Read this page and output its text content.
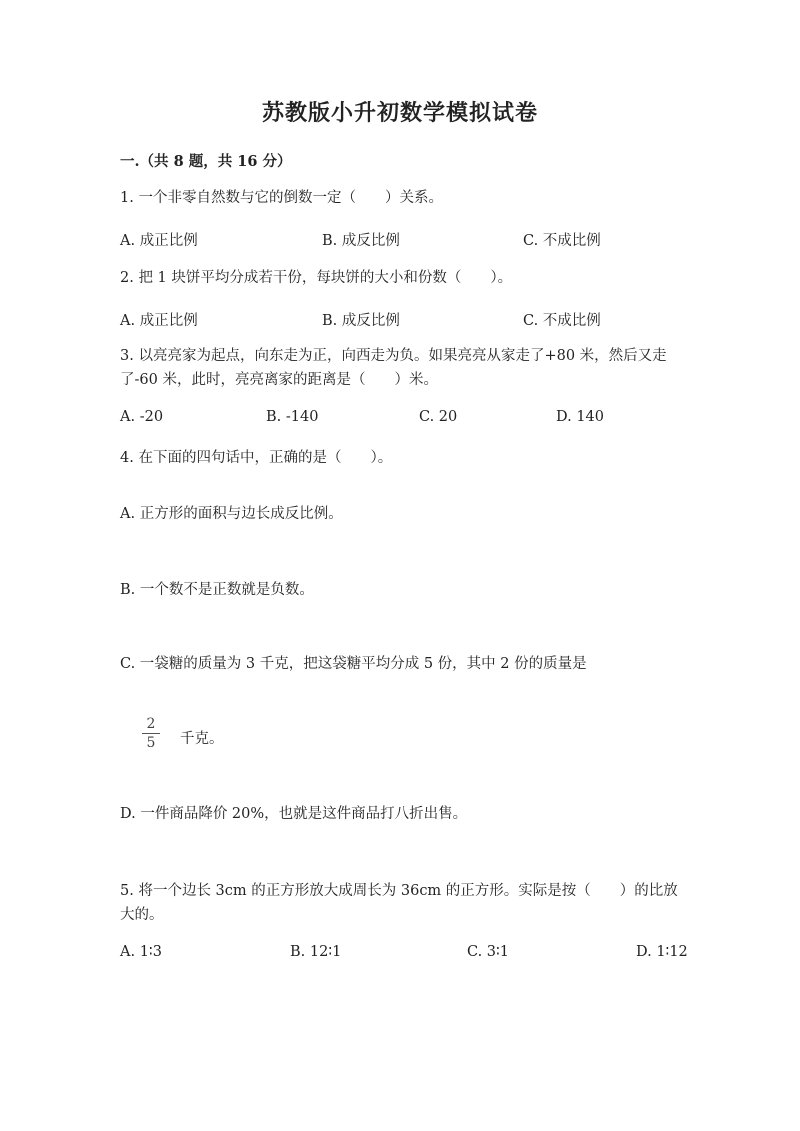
苏教版小升初数学模拟试卷
一.（共 8 题，共 16 分）
1. 一个非零自然数与它的倒数一定（　　）关系。
A. 成正比例	B. 成反比例	C. 不成比例
2. 把 1 块饼平均分成若干份，每块饼的大小和份数（　　）。
A. 成正比例	B. 成反比例	C. 不成比例
3. 以亮亮家为起点，向东走为正，向西走为负。如果亮亮从家走了+80 米，然后又走了-60 米，此时，亮亮离家的距离是（　　）米。
A. -20	B. -140	C. 20	D. 140
4. 在下面的四句话中，正确的是（　　）。
A. 正方形的面积与边长成反比例。
B. 一个数不是正数就是负数。
C. 一袋糖的质量为 3 千克，把这袋糖平均分成 5 份，其中 2 份的质量是
2
5	千克。
D. 一件商品降价 20%，也就是这件商品打八折出售。
5. 将一个边长 3cm 的正方形放大成周长为 36cm 的正方形。实际是按（　　）的比放大的。
A. 1∶3	B. 12∶1	C. 3∶1	D. 1∶12
